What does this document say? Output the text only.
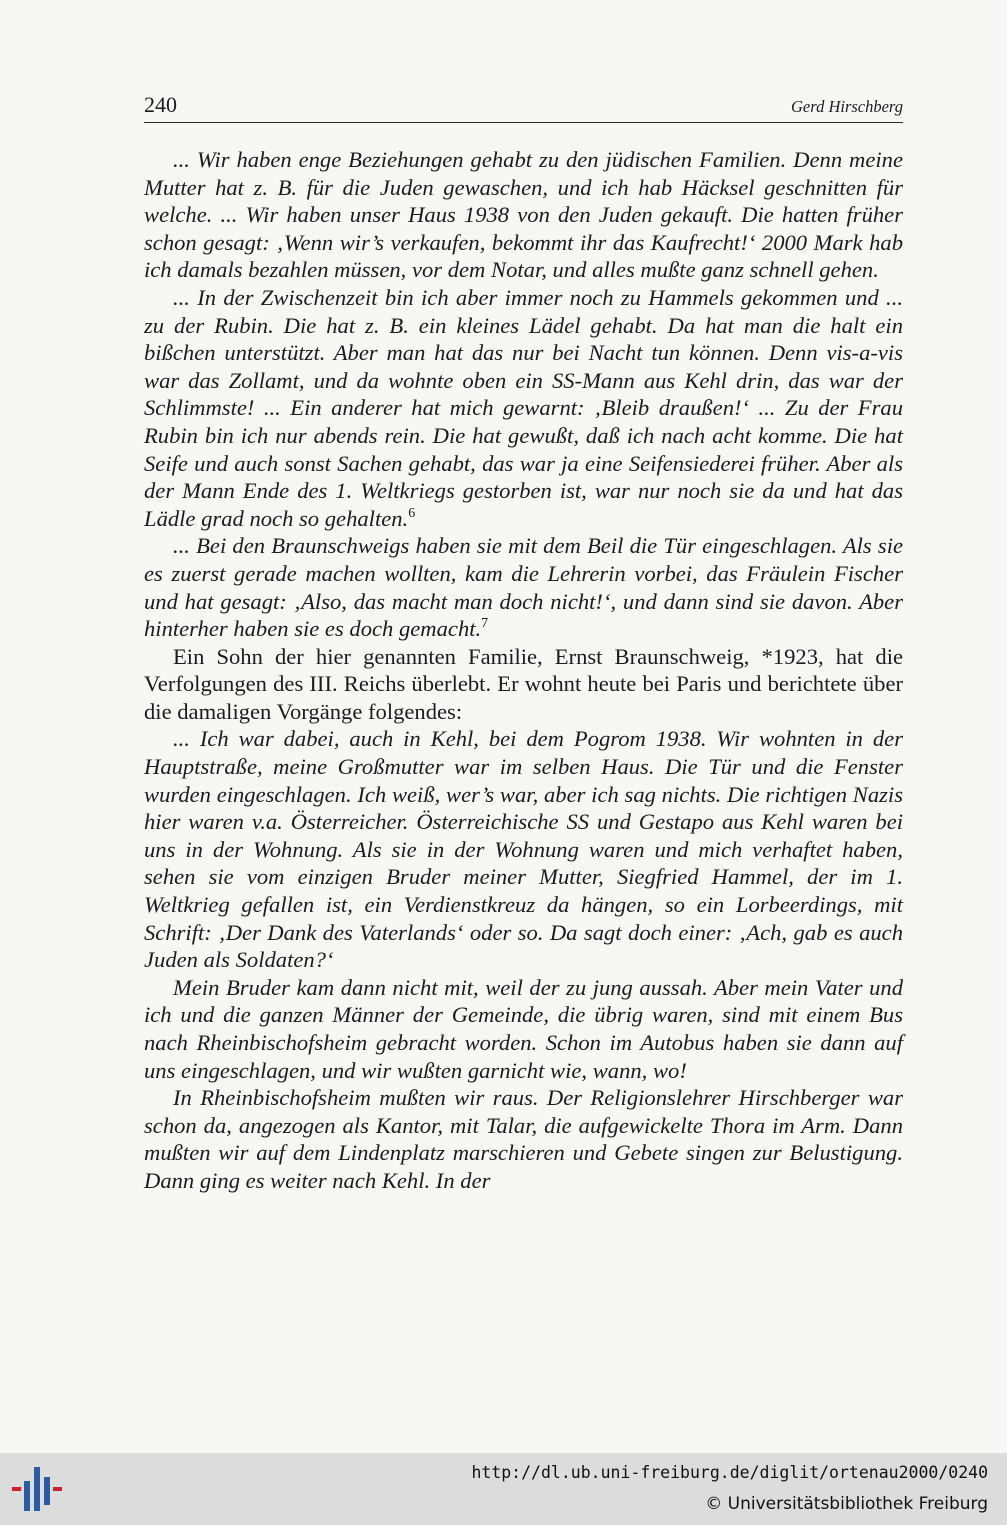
240	Gerd Hirschberg

... Wir haben enge Beziehungen gehabt zu den jüdischen Familien. Denn meine Mutter hat z. B. für die Juden gewaschen, und ich hab Häcksel geschnitten für welche. ... Wir haben unser Haus 1938 von den Juden gekauft. Die hatten früher schon gesagt: ‚Wenn wir’s verkaufen, bekommt ihr das Kaufrecht!‘ 2000 Mark hab ich damals bezahlen müssen, vor dem Notar, und alles mußte ganz schnell gehen.

... In der Zwischenzeit bin ich aber immer noch zu Hammels gekommen und ... zu der Rubin. Die hat z. B. ein kleines Lädel gehabt. Da hat man die halt ein bißchen unterstützt. Aber man hat das nur bei Nacht tun können. Denn vis-a-vis war das Zollamt, und da wohnte oben ein SS-Mann aus Kehl drin, das war der Schlimmste! ... Ein anderer hat mich gewarnt: ‚Bleib draußen!‘ ... Zu der Frau Rubin bin ich nur abends rein. Die hat gewußt, daß ich nach acht komme. Die hat Seife und auch sonst Sachen gehabt, das war ja eine Seifensiederei früher. Aber als der Mann Ende des 1. Weltkriegs gestorben ist, war nur noch sie da und hat das Lädle grad noch so gehalten.$^6$

... Bei den Braunschweigs haben sie mit dem Beil die Tür eingeschlagen. Als sie es zuerst gerade machen wollten, kam die Lehrerin vorbei, das Fräulein Fischer und hat gesagt: ‚Also, das macht man doch nicht!‘, und dann sind sie davon. Aber hinterher haben sie es doch gemacht.$^7$

Ein Sohn der hier genannten Familie, Ernst Braunschweig, *1923, hat die Verfolgungen des III. Reichs überlebt. Er wohnt heute bei Paris und berichtete über die damaligen Vorgänge folgendes:

... Ich war dabei, auch in Kehl, bei dem Pogrom 1938. Wir wohnten in der Hauptstraße, meine Großmutter war im selben Haus. Die Tür und die Fenster wurden eingeschlagen. Ich weiß, wer’s war, aber ich sag nichts. Die richtigen Nazis hier waren v.a. Österreicher. Österreichische SS und Gestapo aus Kehl waren bei uns in der Wohnung. Als sie in der Wohnung waren und mich verhaftet haben, sehen sie vom einzigen Bruder meiner Mutter, Siegfried Hammel, der im 1. Weltkrieg gefallen ist, ein Verdienstkreuz da hängen, so ein Lorbeerdings, mit Schrift: ‚Der Dank des Vaterlands‘ oder so. Da sagt doch einer: ‚Ach, gab es auch Juden als Soldaten?‘

Mein Bruder kam dann nicht mit, weil der zu jung aussah. Aber mein Vater und ich und die ganzen Männer der Gemeinde, die übrig waren, sind mit einem Bus nach Rheinbischofsheim gebracht worden. Schon im Autobus haben sie dann auf uns eingeschlagen, und wir wußten garnicht wie, wann, wo!

In Rheinbischofsheim mußten wir raus. Der Religionslehrer Hirschberger war schon da, angezogen als Kantor, mit Talar, die aufgewickelte Thora im Arm. Dann mußten wir auf dem Lindenplatz marschieren und Gebete singen zur Belustigung. Dann ging es weiter nach Kehl. In der

http://dl.ub.uni-freiburg.de/diglit/ortenau2000/0240
© Universitätsbibliothek Freiburg
